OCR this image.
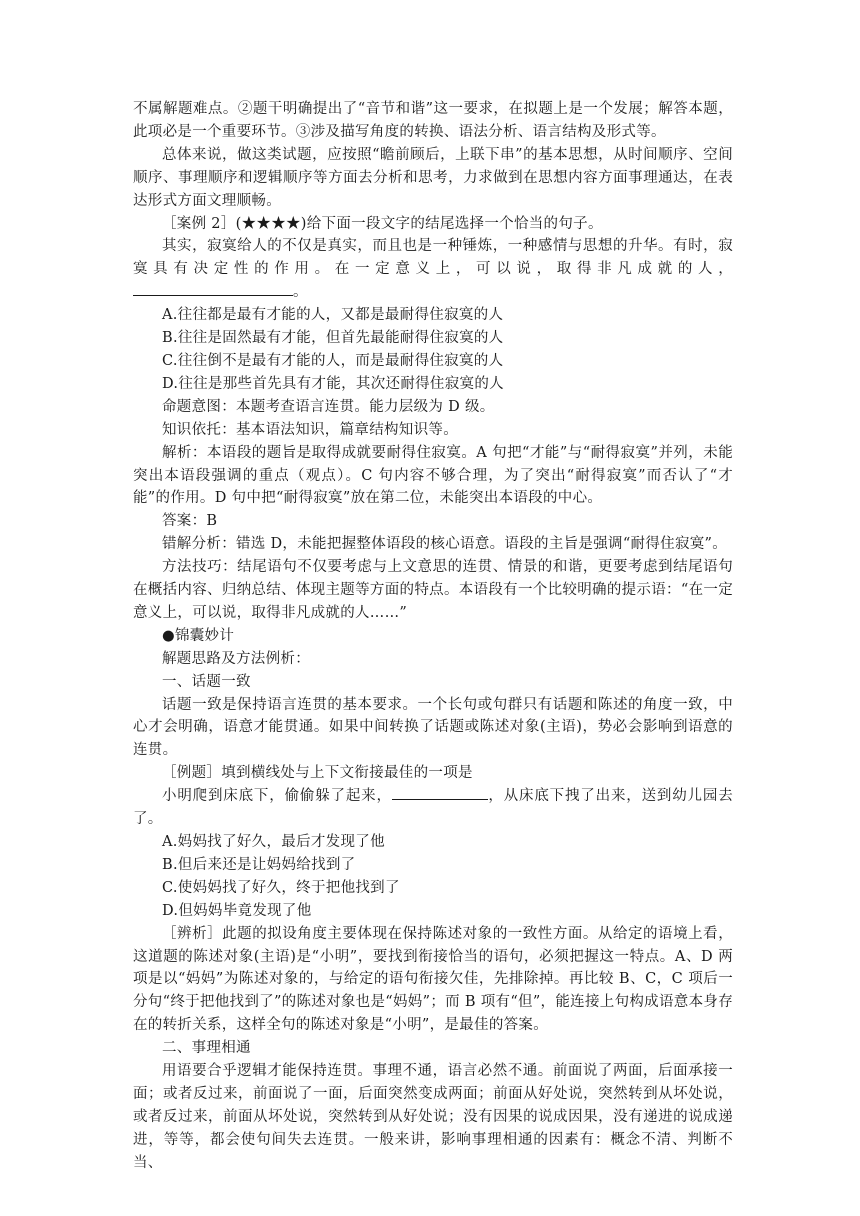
不属解题难点。②题干明确提出了“音节和谐”这一要求，在拟题上是一个发展；解答本题，此项必是一个重要环节。③涉及描写角度的转换、语法分析、语言结构及形式等。

总体来说，做这类试题，应按照“瞻前顾后，上联下串”的基本思想，从时间顺序、空间顺序、事理顺序和逻辑顺序等方面去分析和思考，力求做到在思想内容方面事理通达，在表达形式方面文理顺畅。

［案例 2］(★★★★)给下面一段文字的结尾选择一个恰当的句子。

其实，寂寞给人的不仅是真实，而且也是一种锤炼，一种感情与思想的升华。有时，寂寞具有决定性的作用。在一定意义上，可以说，取得非凡成就的人，。

A.往往都是最有才能的人，又都是最耐得住寂寞的人

B.往往是固然最有才能，但首先最能耐得住寂寞的人

C.往往倒不是最有才能的人，而是最耐得住寂寞的人

D.往往是那些首先具有才能，其次还耐得住寂寞的人

命题意图：本题考查语言连贯。能力层级为 D 级。

知识依托：基本语法知识，篇章结构知识等。

解析：本语段的题旨是取得成就要耐得住寂寞。A 句把“才能”与“耐得寂寞”并列，未能突出本语段强调的重点（观点）。C 句内容不够合理，为了突出“耐得寂寞”而否认了“才能”的作用。D 句中把“耐得寂寞”放在第二位，未能突出本语段的中心。

答案：B

错解分析：错选 D，未能把握整体语段的核心语意。语段的主旨是强调“耐得住寂寞”。

方法技巧：结尾语句不仅要考虑与上文意思的连贯、情景的和谐，更要考虑到结尾语句在概括内容、归纳总结、体现主题等方面的特点。本语段有一个比较明确的提示语：“在一定意义上，可以说，取得非凡成就的人……”

●锦囊妙计

解题思路及方法例析：

一、话题一致

话题一致是保持语言连贯的基本要求。一个长句或句群只有话题和陈述的角度一致，中心才会明确，语意才能贯通。如果中间转换了话题或陈述对象(主语)，势必会影响到语意的连贯。

［例题］填到横线处与上下文衔接最佳的一项是

小明爬到床底下，偷偷躲了起来，	，从床底下拽了出来，送到幼儿园去了。

A.妈妈找了好久，最后才发现了他

B.但后来还是让妈妈给找到了

C.使妈妈找了好久，终于把他找到了

D.但妈妈毕竟发现了他

［辨析］此题的拟设角度主要体现在保持陈述对象的一致性方面。从给定的语境上看，这道题的陈述对象(主语)是“小明”，要找到衔接恰当的语句，必须把握这一特点。A、D 两项是以“妈妈”为陈述对象的，与给定的语句衔接欠佳，先排除掉。再比较 B、C，C 项后一分句“终于把他找到了”的陈述对象也是“妈妈”；而 B 项有“但”，能连接上句构成语意本身存在的转折关系，这样全句的陈述对象是“小明”，是最佳的答案。

二、事理相通

用语要合乎逻辑才能保持连贯。事理不通，语言必然不通。前面说了两面，后面承接一面；或者反过来，前面说了一面，后面突然变成两面；前面从好处说，突然转到从坏处说，或者反过来，前面从坏处说，突然转到从好处说；没有因果的说成因果，没有递进的说成递进，等等，都会使句间失去连贯。一般来讲，影响事理相通的因素有：概念不清、判断不当、
